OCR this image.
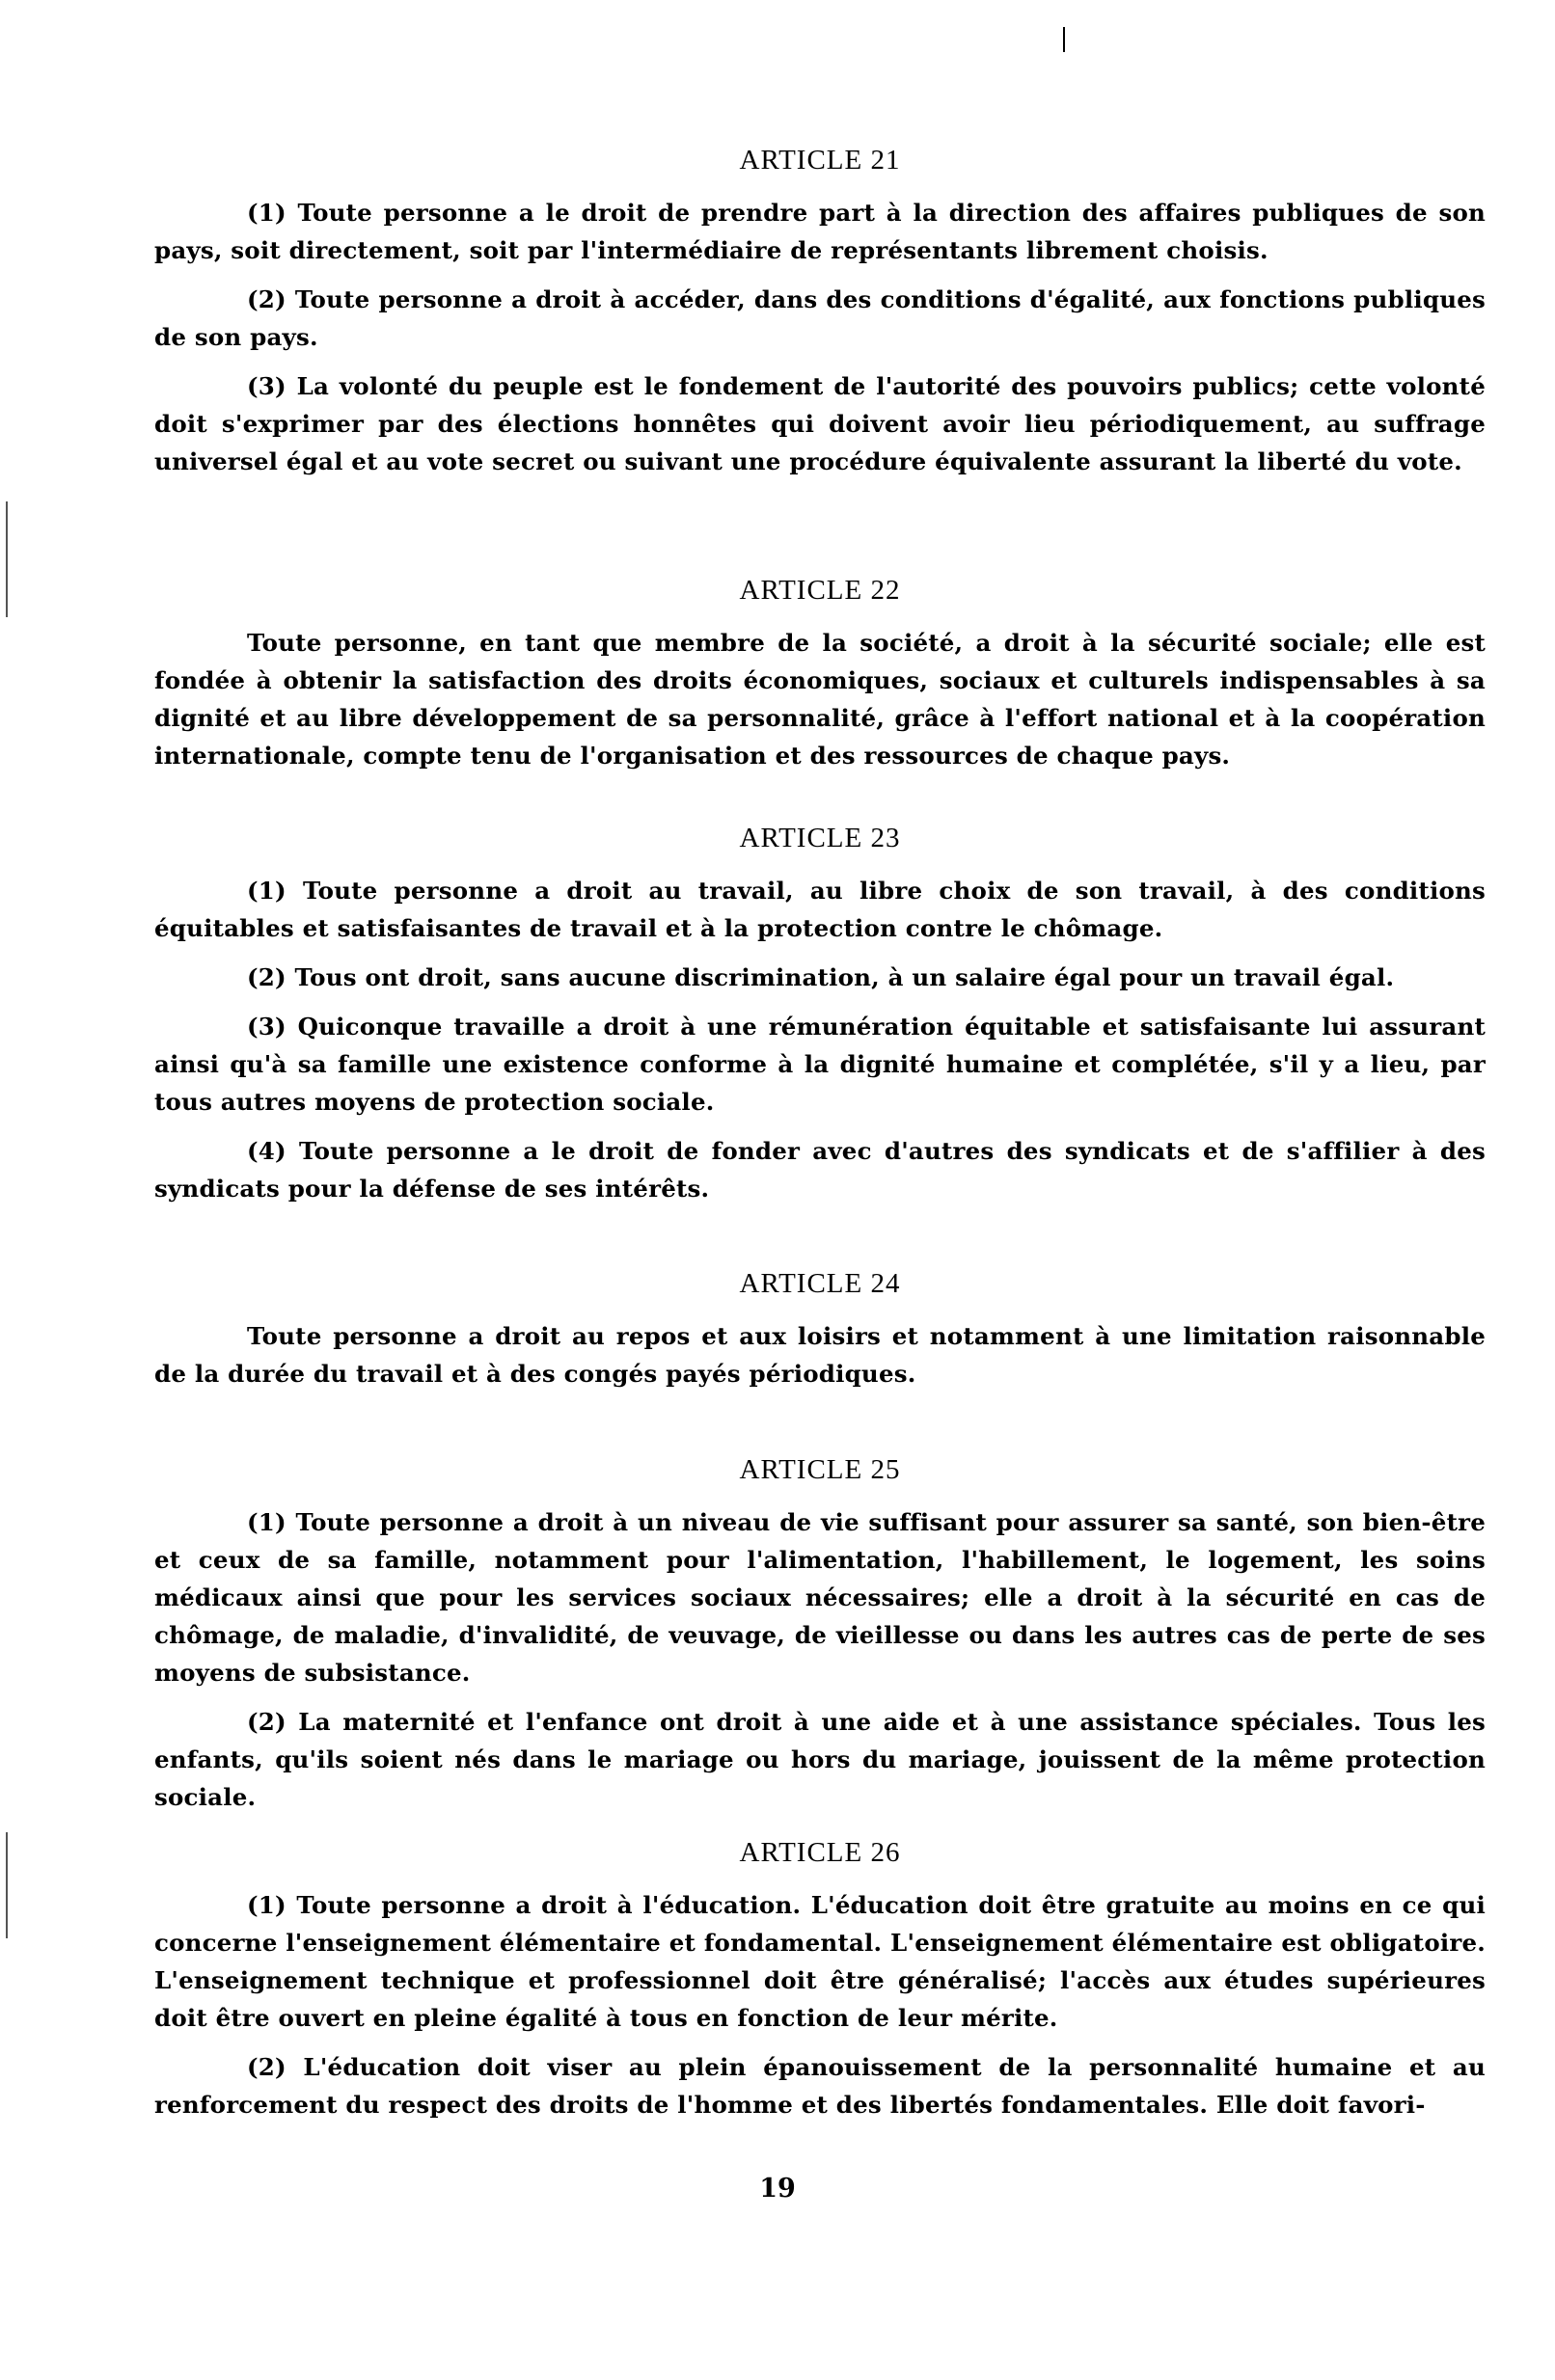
ARTICLE 21

(1) Toute personne a le droit de prendre part à la direction des affaires publiques de son pays, soit directement, soit par l'intermédiaire de représentants librement choisis.

(2) Toute personne a droit à accéder, dans des conditions d'égalité, aux fonctions publiques de son pays.

(3) La volonté du peuple est le fondement de l'autorité des pouvoirs publics; cette volonté doit s'exprimer par des élections honnêtes qui doivent avoir lieu périodiquement, au suffrage universel égal et au vote secret ou suivant une procédure équivalente assurant la liberté du vote.

ARTICLE 22

Toute personne, en tant que membre de la société, a droit à la sécurité sociale; elle est fondée à obtenir la satisfaction des droits économiques, sociaux et culturels indispensables à sa dignité et au libre développement de sa personnalité, grâce à l'effort national et à la coopération internationale, compte tenu de l'organisation et des ressources de chaque pays.

ARTICLE 23

(1) Toute personne a droit au travail, au libre choix de son travail, à des conditions équitables et satisfaisantes de travail et à la protection contre le chômage.

(2) Tous ont droit, sans aucune discrimination, à un salaire égal pour un travail égal.

(3) Quiconque travaille a droit à une rémunération équitable et satisfaisante lui assurant ainsi qu'à sa famille une existence conforme à la dignité humaine et complétée, s'il y a lieu, par tous autres moyens de protection sociale.

(4) Toute personne a le droit de fonder avec d'autres des syndicats et de s'affilier à des syndicats pour la défense de ses intérêts.

ARTICLE 24

Toute personne a droit au repos et aux loisirs et notamment à une limitation raisonnable de la durée du travail et à des congés payés périodiques.

ARTICLE 25

(1) Toute personne a droit à un niveau de vie suffisant pour assurer sa santé, son bien-être et ceux de sa famille, notamment pour l'alimentation, l'habillement, le logement, les soins médicaux ainsi que pour les services sociaux nécessaires; elle a droit à la sécurité en cas de chômage, de maladie, d'invalidité, de veuvage, de vieillesse ou dans les autres cas de perte de ses moyens de subsistance.

(2) La maternité et l'enfance ont droit à une aide et à une assistance spéciales. Tous les enfants, qu'ils soient nés dans le mariage ou hors du mariage, jouissent de la même protection sociale.

ARTICLE 26

(1) Toute personne a droit à l'éducation. L'éducation doit être gratuite au moins en ce qui concerne l'enseignement élémentaire et fondamental. L'enseignement élémentaire est obligatoire. L'enseignement technique et professionnel doit être généralisé; l'accès aux études supérieures doit être ouvert en pleine égalité à tous en fonction de leur mérite.

(2) L'éducation doit viser au plein épanouissement de la personnalité humaine et au renforcement du respect des droits de l'homme et des libertés fondamentales. Elle doit favori-

19
